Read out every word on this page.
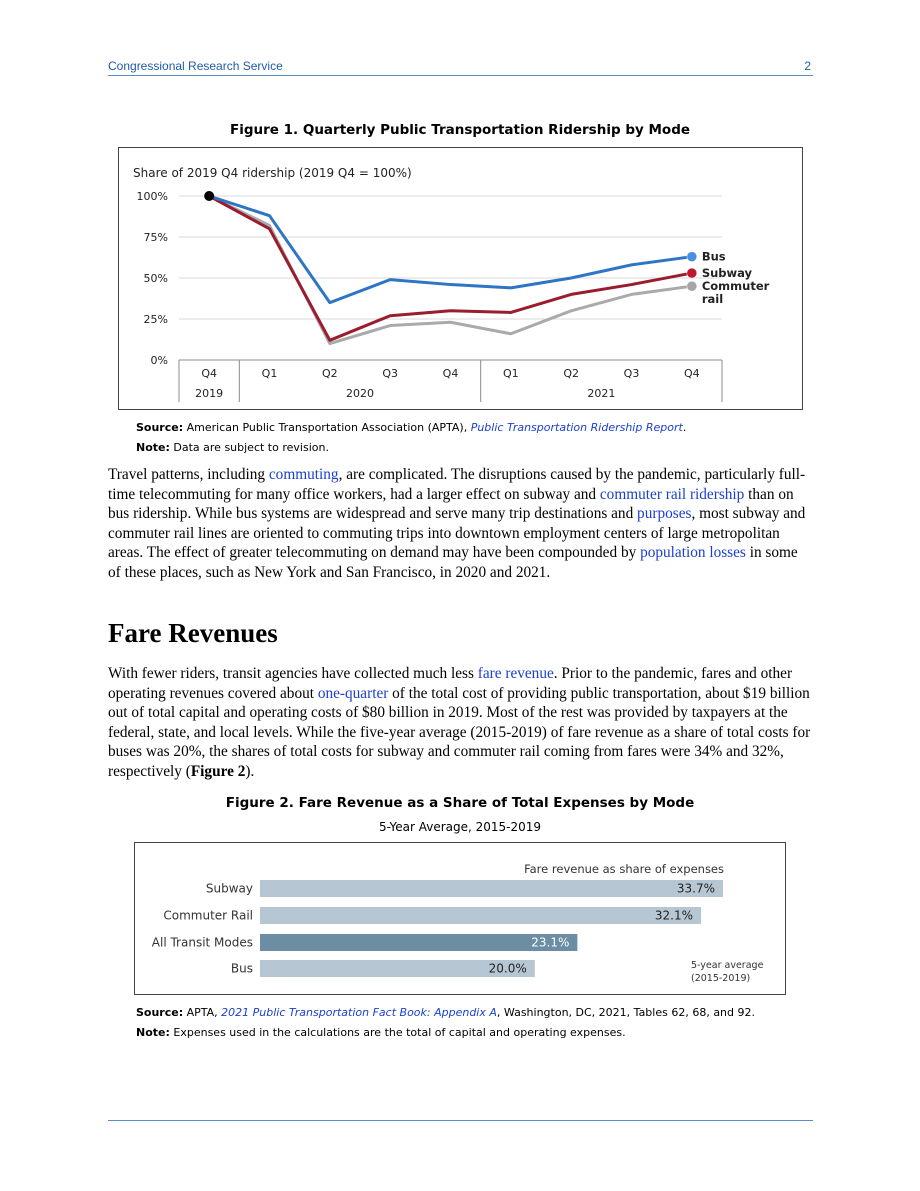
Congressional Research Service	2
Figure 1. Quarterly Public Transportation Ridership by Mode
Share of 2019 Q4 ridership (2019 Q4 = 100%)
0%
25%
50%
75%
100%
Bus
Subway
Commuter rail
Q4	Q1	Q2	Q3	Q4	Q1	Q2	Q3	Q4
2019	2020	2021
Source: American Public Transportation Association (APTA), Public Transportation Ridership Report.
Note: Data are subject to revision.
Travel patterns, including commuting, are complicated. The disruptions caused by the pandemic, particularly full-time telecommuting for many office workers, had a larger effect on subway and commuter rail ridership than on bus ridership. While bus systems are widespread and serve many trip destinations and purposes, most subway and commuter rail lines are oriented to commuting trips into downtown employment centers of large metropolitan areas. The effect of greater telecommuting on demand may have been compounded by population losses in some of these places, such as New York and San Francisco, in 2020 and 2021.
Fare Revenues
With fewer riders, transit agencies have collected much less fare revenue. Prior to the pandemic, fares and other operating revenues covered about one-quarter of the total cost of providing public transportation, about $19 billion out of total capital and operating costs of $80 billion in 2019. Most of the rest was provided by taxpayers at the federal, state, and local levels. While the five-year average (2015-2019) of fare revenue as a share of total costs for buses was 20%, the shares of total costs for subway and commuter rail coming from fares were 34% and 32%, respectively (Figure 2).
Figure 2. Fare Revenue as a Share of Total Expenses by Mode
5-Year Average, 2015-2019
Fare revenue as share of expenses
Subway	33.7%
Commuter Rail	32.1%
All Transit Modes	23.1%
Bus	20.0%	5-year average
(2015-2019)
Source: APTA, 2021 Public Transportation Fact Book: Appendix A, Washington, DC, 2021, Tables 62, 68, and 92.
Note: Expenses used in the calculations are the total of capital and operating expenses.
